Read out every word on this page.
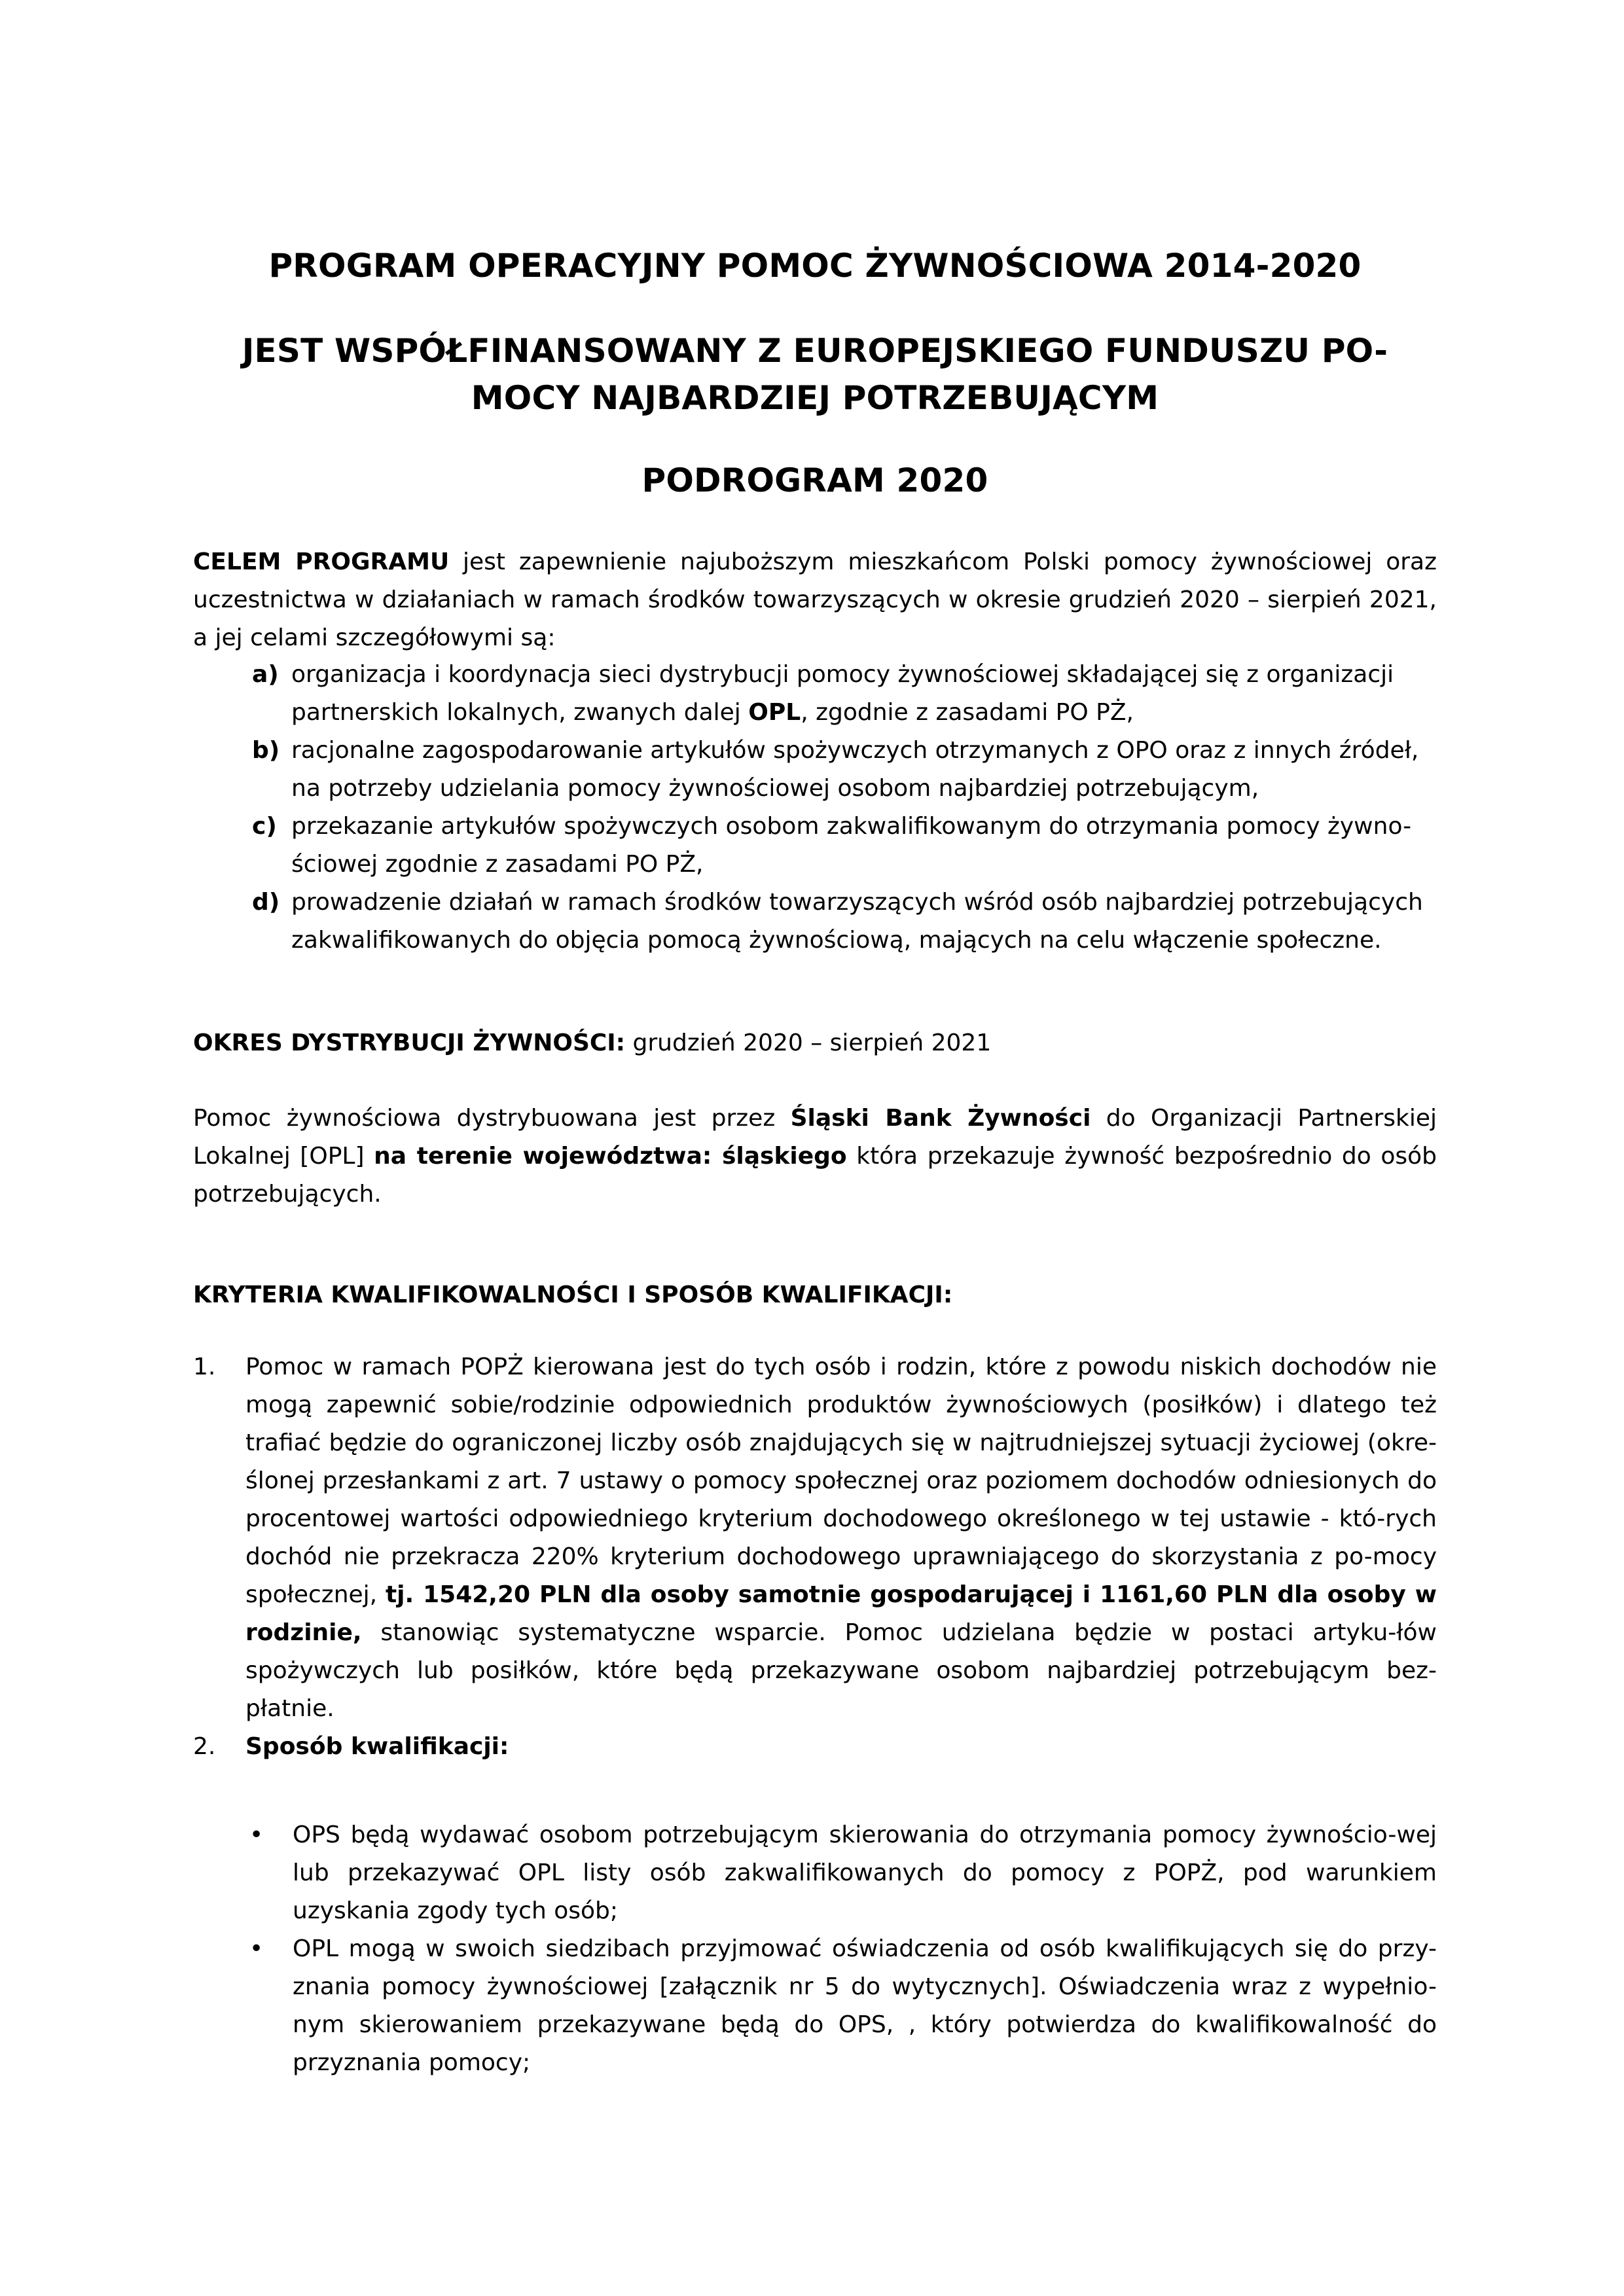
PROGRAM OPERACYJNY POMOC ŻYWNOŚCIOWA 2014-2020

JEST WSPÓŁFINANSOWANY Z EUROPEJSKIEGO FUNDUSZU PO-
MOCY NAJBARDZIEJ POTRZEBUJĄCYM

PODROGRAM 2020

CELEM PROGRAMU jest zapewnienie najuboższym mieszkańcom Polski pomocy żywnościowej oraz uczestnictwa w działaniach w ramach środków towarzyszących w okresie grudzień 2020 – sierpień 2021, a jej celami szczegółowymi są:

a) organizacja i koordynacja sieci dystrybucji pomocy żywnościowej składającej się z organizacji
partnerskich lokalnych, zwanych dalej OPL, zgodnie z zasadami PO PŻ,
b) racjonalne zagospodarowanie artykułów spożywczych otrzymanych z OPO oraz z innych źródeł,
na potrzeby udzielania pomocy żywnościowej osobom najbardziej potrzebującym,
c) przekazanie artykułów spożywczych osobom zakwalifikowanym do otrzymania pomocy żywno-
ściowej zgodnie z zasadami PO PŻ,
d) prowadzenie działań w ramach środków towarzyszących wśród osób najbardziej potrzebujących
zakwalifikowanych do objęcia pomocą żywnościową, mających na celu włączenie społeczne.

OKRES DYSTRYBUCJI ŻYWNOŚCI: grudzień 2020 – sierpień 2021

Pomoc żywnościowa dystrybuowana jest przez Śląski Bank Żywności do Organizacji Partnerskiej Lokalnej [OPL] na terenie województwa: śląskiego która przekazuje żywność bezpośrednio do osób potrzebujących.

KRYTERIA KWALIFIKOWALNOŚCI I SPOSÓB KWALIFIKACJI:

1. Pomoc w ramach POPŻ kierowana jest do tych osób i rodzin, które z powodu niskich dochodów nie mogą zapewnić sobie/rodzinie odpowiednich produktów żywnościowych (posiłków) i dlatego też trafiać będzie do ograniczonej liczby osób znajdujących się w najtrudniejszej sytuacji życiowej (okre-ślonej przesłankami z art. 7 ustawy o pomocy społecznej oraz poziomem dochodów odniesionych do procentowej wartości odpowiedniego kryterium dochodowego określonego w tej ustawie - któ-rych dochód nie przekracza 220% kryterium dochodowego uprawniającego do skorzystania z po-mocy społecznej, tj. 1542,20 PLN dla osoby samotnie gospodarującej i 1161,60 PLN dla osoby w rodzinie, stanowiąc systematyczne wsparcie. Pomoc udzielana będzie w postaci artyku-łów spożywczych lub posiłków, które będą przekazywane osobom najbardziej potrzebującym bez-płatnie.
2. Sposób kwalifikacji:
• OPS będą wydawać osobom potrzebującym skierowania do otrzymania pomocy żywnościo-wej lub przekazywać OPL listy osób zakwalifikowanych do pomocy z POPŻ, pod warunkiem uzyskania zgody tych osób;
• OPL mogą w swoich siedzibach przyjmować oświadczenia od osób kwalifikujących się do przy-znania pomocy żywnościowej [załącznik nr 5 do wytycznych]. Oświadczenia wraz z wypełnio-nym skierowaniem przekazywane będą do OPS, , który potwierdza do kwalifikowalność do przyznania pomocy;
